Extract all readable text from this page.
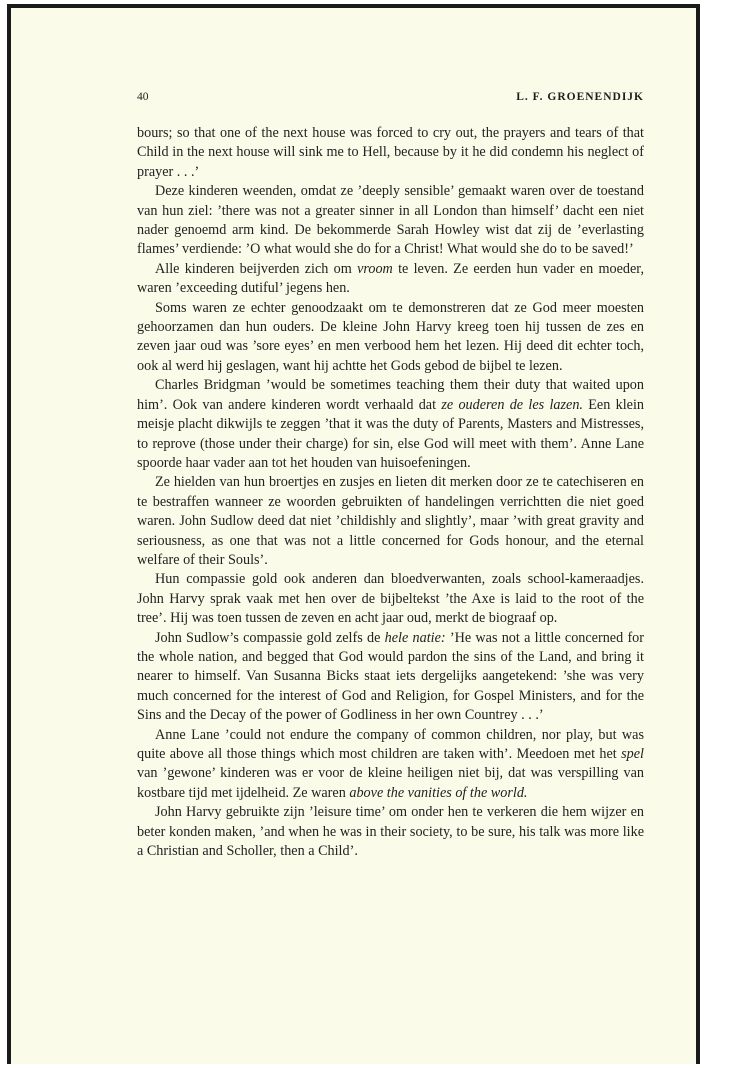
40	L. F. GROENENDIJK

bours; so that one of the next house was forced to cry out, the prayers and tears of that Child in the next house will sink me to Hell, because by it he did condemn his neglect of prayer . . .’

Deze kinderen weenden, omdat ze ’deeply sensible’ gemaakt waren over de toestand van hun ziel: ’there was not a greater sinner in all London than himself’ dacht een niet nader genoemd arm kind. De bekommerde Sarah Howley wist dat zij de ’everlasting flames’ verdiende: ’O what would she do for a Christ! What would she do to be saved!’

Alle kinderen beijverden zich om vroom te leven. Ze eerden hun vader en moeder, waren ’exceeding dutiful’ jegens hen.

Soms waren ze echter genoodzaakt om te demonstreren dat ze God meer moesten gehoorzamen dan hun ouders. De kleine John Harvy kreeg toen hij tussen de zes en zeven jaar oud was ’sore eyes’ en men verbood hem het lezen. Hij deed dit echter toch, ook al werd hij geslagen, want hij achtte het Gods gebod de bijbel te lezen.

Charles Bridgman ’would be sometimes teaching them their duty that waited upon him’. Ook van andere kinderen wordt verhaald dat ze ouderen de les lazen. Een klein meisje placht dikwijls te zeggen ’that it was the duty of Parents, Masters and Mistresses, to reprove (those under their charge) for sin, else God will meet with them’. Anne Lane spoorde haar vader aan tot het houden van huisoefeningen.

Ze hielden van hun broertjes en zusjes en lieten dit merken door ze te catechiseren en te bestraffen wanneer ze woorden gebruikten of handelingen verrichtten die niet goed waren. John Sudlow deed dat niet ’childishly and slightly’, maar ’with great gravity and seriousness, as one that was not a little concerned for Gods honour, and the eternal welfare of their Souls’.

Hun compassie gold ook anderen dan bloedverwanten, zoals school-kameraadjes. John Harvy sprak vaak met hen over de bijbeltekst ’the Axe is laid to the root of the tree’. Hij was toen tussen de zeven en acht jaar oud, merkt de biograaf op.

John Sudlow’s compassie gold zelfs de hele natie: ’He was not a little concerned for the whole nation, and begged that God would pardon the sins of the Land, and bring it nearer to himself. Van Susanna Bicks staat iets dergelijks aangetekend: ’she was very much concerned for the interest of God and Religion, for Gospel Ministers, and for the Sins and the Decay of the power of Godliness in her own Countrey . . .’

Anne Lane ’could not endure the company of common children, nor play, but was quite above all those things which most children are taken with’. Meedoen met het spel van ’gewone’ kinderen was er voor de kleine heiligen niet bij, dat was verspilling van kostbare tijd met ijdelheid. Ze waren above the vanities of the world.

John Harvy gebruikte zijn ’leisure time’ om onder hen te verkeren die hem wijzer en beter konden maken, ’and when he was in their society, to be sure, his talk was more like a Christian and Scholler, then a Child’.
